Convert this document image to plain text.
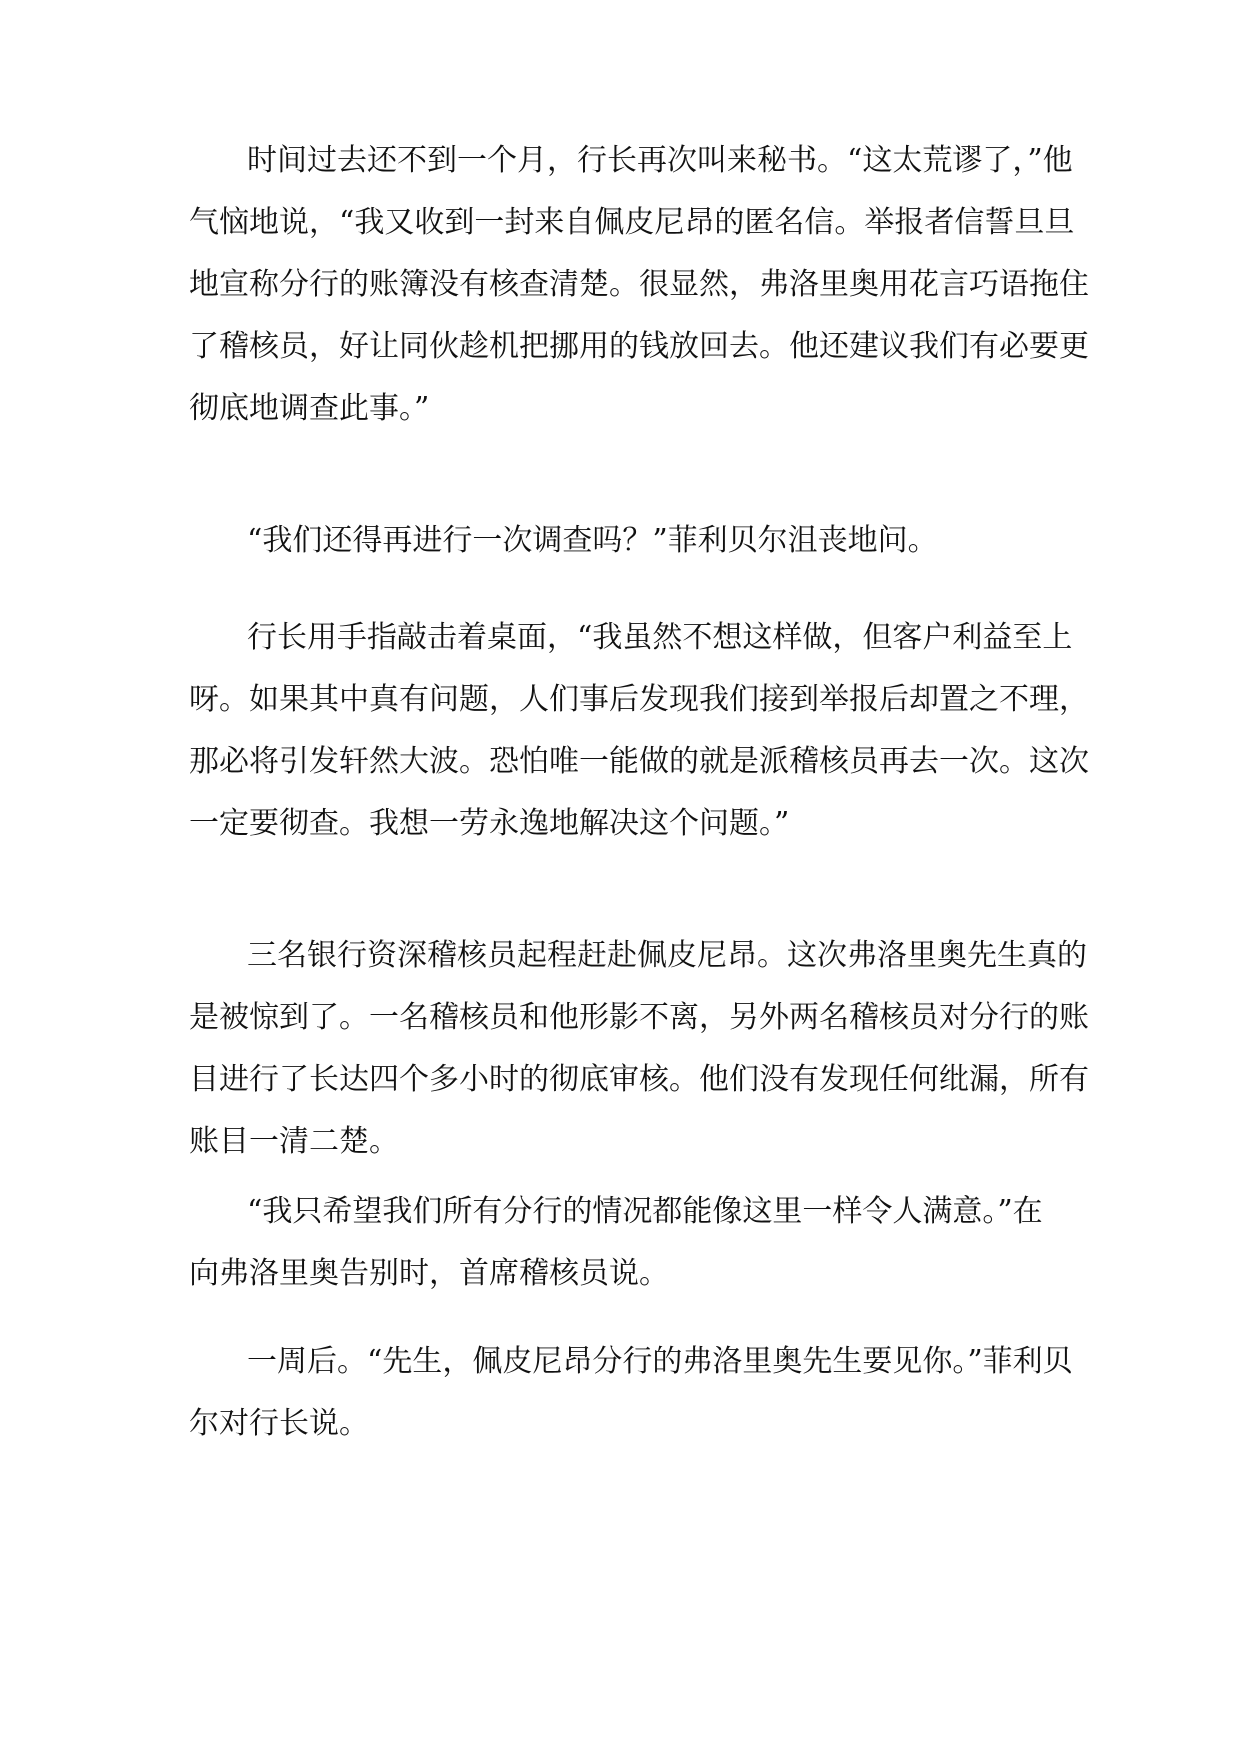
时间过去还不到一个月，行长再次叫来秘书。“这太荒谬了，”他
气恼地说，“我又收到一封来自佩皮尼昂的匿名信。举报者信誓旦旦
地宣称分行的账簿没有核查清楚。很显然，弗洛里奥用花言巧语拖住
了稽核员，好让同伙趁机把挪用的钱放回去。他还建议我们有必要更
彻底地调查此事。”
“我们还得再进行一次调查吗？”菲利贝尔沮丧地问。
行长用手指敲击着桌面，“我虽然不想这样做，但客户利益至上
呀。如果其中真有问题，人们事后发现我们接到举报后却置之不理，
那必将引发轩然大波。恐怕唯一能做的就是派稽核员再去一次。这次
一定要彻查。我想一劳永逸地解决这个问题。”
三名银行资深稽核员起程赶赴佩皮尼昂。这次弗洛里奥先生真的
是被惊到了。一名稽核员和他形影不离，另外两名稽核员对分行的账
目进行了长达四个多小时的彻底审核。他们没有发现任何纰漏，所有
账目一清二楚。
“我只希望我们所有分行的情况都能像这里一样令人满意。”在
向弗洛里奥告别时，首席稽核员说。
一周后。“先生，佩皮尼昂分行的弗洛里奥先生要见你。”菲利贝
尔对行长说。
